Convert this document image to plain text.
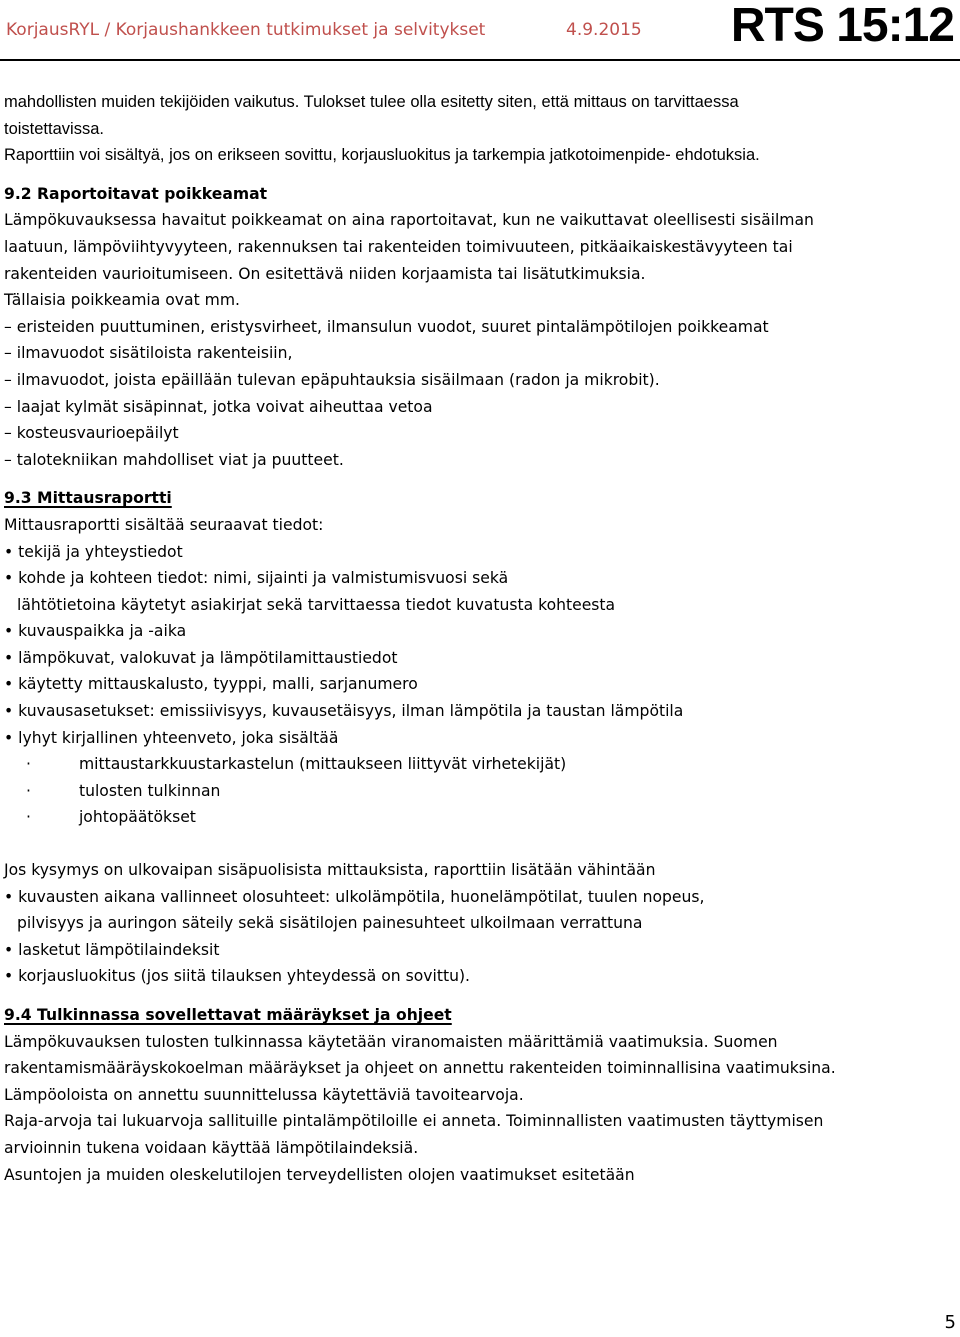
KorjausRYL / Korjaushankkeen tutkimukset ja selvitykset	4.9.2015 RTS 15:12
mahdollisten muiden tekijöiden vaikutus. Tulokset tulee olla esitetty siten, että mittaus on tarvittaessa
toistettavissa.
Raporttiin voi sisältyä, jos on erikseen sovittu, korjausluokitus ja tarkempia jatkotoimenpide- ehdotuksia.
9.2 Raportoitavat poikkeamat
Lämpökuvauksessa havaitut poikkeamat on aina raportoitavat, kun ne vaikuttavat oleellisesti sisäilman
laatuun, lämpöviihtyvyyteen, rakennuksen tai rakenteiden toimivuuteen, pitkäaikaiskestävyyteen tai
rakenteiden vaurioitumiseen. On esitettävä niiden korjaamista tai lisätutkimuksia.
Tällaisia poikkeamia ovat mm.
– eristeiden puuttuminen, eristysvirheet, ilmansulun vuodot, suuret pintalämpötilojen poikkeamat
– ilmavuodot sisätiloista rakenteisiin,
– ilmavuodot, joista epäillään tulevan epäpuhtauksia sisäilmaan (radon ja mikrobit).
– laajat kylmät sisäpinnat, jotka voivat aiheuttaa vetoa
– kosteusvaurioepäilyt
– talotekniikan mahdolliset viat ja puutteet.
9.3 Mittausraportti
Mittausraportti sisältää seuraavat tiedot:
• tekijä ja yhteystiedot
• kohde ja kohteen tiedot: nimi, sijainti ja valmistumisvuosi sekä
lähtötietoina käytetyt asiakirjat sekä tarvittaessa tiedot kuvatusta kohteesta
• kuvauspaikka ja -aika
• lämpökuvat, valokuvat ja lämpötilamittaustiedot
• käytetty mittauskalusto, tyyppi, malli, sarjanumero
• kuvausasetukset: emissiivisyys, kuvausetäisyys, ilman lämpötila ja taustan lämpötila
• lyhyt kirjallinen yhteenveto, joka sisältää
·	mittaustarkkuustarkastelun (mittaukseen liittyvät virhetekijät)
·	tulosten tulkinnan
·	johtopäätökset
Jos kysymys on ulkovaipan sisäpuolisista mittauksista, raporttiin lisätään vähintään
• kuvausten aikana vallinneet olosuhteet: ulkolämpötila, huonelämpötilat, tuulen nopeus,
pilvisyys ja auringon säteily sekä sisätilojen painesuhteet ulkoilmaan verrattuna
• lasketut lämpötilaindeksit
• korjausluokitus (jos siitä tilauksen yhteydessä on sovittu).
9.4 Tulkinnassa sovellettavat määräykset ja ohjeet
Lämpökuvauksen tulosten tulkinnassa käytetään viranomaisten määrittämiä vaatimuksia. Suomen
rakentamismääräyskokoelman määräykset ja ohjeet on annettu rakenteiden toiminnallisina vaatimuksina.
Lämpöoloista on annettu suunnittelussa käytettäviä tavoitearvoja.
Raja-arvoja tai lukuarvoja sallituille pintalämpötiloille ei anneta. Toiminnallisten vaatimusten täyttymisen
arvioinnin tukena voidaan käyttää lämpötilaindeksiä.
Asuntojen ja muiden oleskelutilojen terveydellisten olojen vaatimukset esitetään
5
